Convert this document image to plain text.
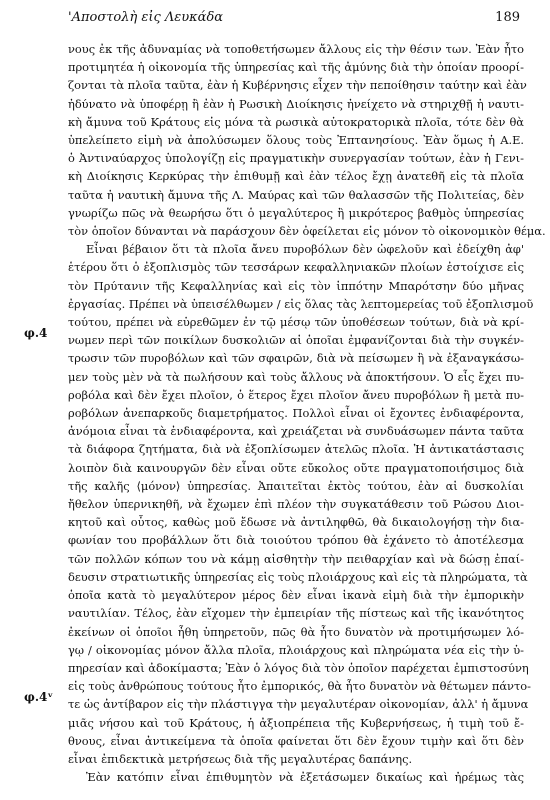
'Αποστολὴ εἰς Λευκάδα	189
φ.4
φ.4ᵛ
νους ἐκ τῆς ἀδυναμίας νὰ τοποθετήσωμεν ἄλλους εἰς τὴν θέσιν των. Ἐὰν ἦτο
προτιμητέα ἡ οἰκονομία τῆς ὑπηρεσίας καὶ τῆς ἀμύνης διὰ τὴν ὁποίαν προορί-
ζονται τὰ πλοῖα ταῦτα, ἐὰν ἡ Κυβέρνησις εἶχεν τὴν πεποίθησιν ταύτην καὶ ἐὰν
ἠδύνατο νὰ ὑποφέρῃ ἢ ἐὰν ἡ Ρωσικὴ Διοίκησις ἠνείχετο νὰ στηριχθῇ ἡ ναυτι-
κὴ ἄμυνα τοῦ Κράτους εἰς μόνα τὰ ρωσικὰ αὐτοκρατορικὰ πλοῖα, τότε δὲν θὰ
ὑπελείπετο εἰμὴ νὰ ἀπολύσωμεν ὅλους τοὺς Ἐπτανησίους. Ἐὰν ὅμως ἡ Α.Ε.
ὁ Ἀντιναύαρχος ὑπολογίζῃ εἰς πραγματικὴν συνεργασίαν τούτων, ἐὰν ἡ Γενι-
κὴ Διοίκησις Κερκύρας τὴν ἐπιθυμῇ καὶ ἐὰν τέλος ἔχῃ ἀνατεθῆ εἰς τὰ πλοῖα
ταῦτα ἡ ναυτικὴ ἄμυνα τῆς Λ. Μαύρας καὶ τῶν θαλασσῶν τῆς Πολιτείας, δὲν
γνωρίζω πῶς νὰ θεωρήσω ὅτι ὁ μεγαλύτερος ἢ μικρότερος βαθμὸς ὑπηρεσίας
τὸν ὁποῖον δύνανται νὰ παράσχουν δὲν ὀφείλεται εἰς μόνον τὸ οἰκονομικὸν θέμα.
Εἶναι βέβαιον ὅτι τὰ πλοῖα ἄνευ πυροβόλων δὲν ὠφελοῦν καὶ ἐδείχθη ἀφ'
ἑτέρου ὅτι ὁ ἐξοπλισμὸς τῶν τεσσάρων κεφαλληνιακῶν πλοίων ἐστοίχισε εἰς
τὸν Πρύτανιν τῆς Κεφαλληνίας καὶ εἰς τὸν ἱππότην Μπαρότσην δύο μῆνας
ἐργασίας. Πρέπει νὰ ὑπεισέλθωμεν / εἰς ὅλας τὰς λεπτομερείας τοῦ ἐξοπλισμοῦ
τούτου, πρέπει νὰ εὑρεθῶμεν ἐν τῷ μέσῳ τῶν ὑποθέσεων τούτων, διὰ νὰ κρί-
νωμεν περὶ τῶν ποικίλων δυσκολιῶν αἱ ὁποῖαι ἐμφανίζονται διὰ τὴν συγκέν-
τρωσιν τῶν πυροβόλων καὶ τῶν σφαιρῶν, διὰ νὰ πείσωμεν ἢ νὰ ἐξαναγκάσω-
μεν τοὺς μὲν νὰ τὰ πωλήσουν καὶ τοὺς ἄλλους νὰ ἀποκτήσουν. Ὁ εἷς ἔχει πυ-
ροβόλα καὶ δὲν ἔχει πλοῖον, ὁ ἕτερος ἔχει πλοῖον ἄνευ πυροβόλων ἢ μετὰ πυ-
ροβόλων ἀνεπαρκοῦς διαμετρήματος. Πολλοὶ εἶναι οἱ ἔχοντες ἐνδιαφέροντα,
ἀνόμοια εἶναι τὰ ἐνδιαφέροντα, καὶ χρειάζεται νὰ συνδυάσωμεν πάντα ταῦτα
τὰ διάφορα ζητήματα, διὰ νὰ ἐξοπλίσωμεν ἀτελῶς πλοῖα. Ἡ ἀντικατάστασις
λοιπὸν διὰ καινουργῶν δὲν εἶναι οὔτε εὔκολος οὔτε πραγματοποιήσιμος διὰ
τῆς καλῆς ⟨μόνον⟩ ὑπηρεσίας. Ἀπαιτεῖται ἐκτὸς τούτου, ἐὰν αἱ δυσκολίαι
ἤθελον ὑπερνικηθῆ, νὰ ἔχωμεν ἐπὶ πλέον τὴν συγκατάθεσιν τοῦ Ρώσου Διοι-
κητοῦ καὶ οὗτος, καθὼς μοῦ ἔδωσε νὰ ἀντιληφθῶ, θὰ δικαιολογήσῃ τὴν δια-
φωνίαν του προβάλλων ὅτι διὰ τοιούτου τρόπου θὰ ἐχάνετο τὸ ἀποτέλεσμα
τῶν πολλῶν κόπων του νὰ κάμῃ αἰσθητὴν τὴν πειθαρχίαν καὶ νὰ δώσῃ ἐπαί-
δευσιν στρατιωτικῆς ὑπηρεσίας εἰς τοὺς πλοιάρχους καὶ εἰς τὰ πληρώματα, τὰ
ὁποῖα κατὰ τὸ μεγαλύτερον μέρος δὲν εἶναι ἱκανὰ εἰμὴ διὰ τὴν ἐμπορικὴν
ναυτιλίαν. Τέλος, ἐὰν εἴχομεν τὴν ἐμπειρίαν τῆς πίστεως καὶ τῆς ἱκανότητος
ἐκείνων οἱ ὁποῖοι ἦθη ὑπηρετοῦν, πῶς θὰ ἦτο δυνατὸν νὰ προτιμήσωμεν λό-
γῳ / οἰκονομίας μόνον ἄλλα πλοῖα, πλοιάρχους καὶ πληρώματα νέα εἰς τὴν ὑ-
πηρεσίαν καὶ ἀδοκίμαστα; Ἐὰν ὁ λόγος διὰ τὸν ὁποῖον παρέχεται ἐμπιστοσύνη
εἰς τοὺς ἀνθρώπους τούτους ἦτο ἐμπορικός, θὰ ἦτο δυνατὸν νὰ θέτωμεν πάντο-
τε ὡς ἀντίβαρον εἰς τὴν πλάστιγγα τὴν μεγαλυτέραν οἰκονομίαν, ἀλλ' ἡ ἄμυνα
μιᾶς νήσου καὶ τοῦ Κράτους, ἡ ἀξιοπρέπεια τῆς Κυβερνήσεως, ἡ τιμὴ τοῦ ἔ-
θνους, εἶναι ἀντικείμενα τὰ ὁποῖα φαίνεται ὅτι δὲν ἔχουν τιμὴν καὶ ὅτι δὲν
εἶναι ἐπιδεκτικὰ μετρήσεως διὰ τῆς μεγαλυτέρας δαπάνης.
Ἐὰν κατόπιν εἶναι ἐπιθυμητὸν νὰ ἐξετάσωμεν δικαίως καὶ ἠρέμως τὰς
